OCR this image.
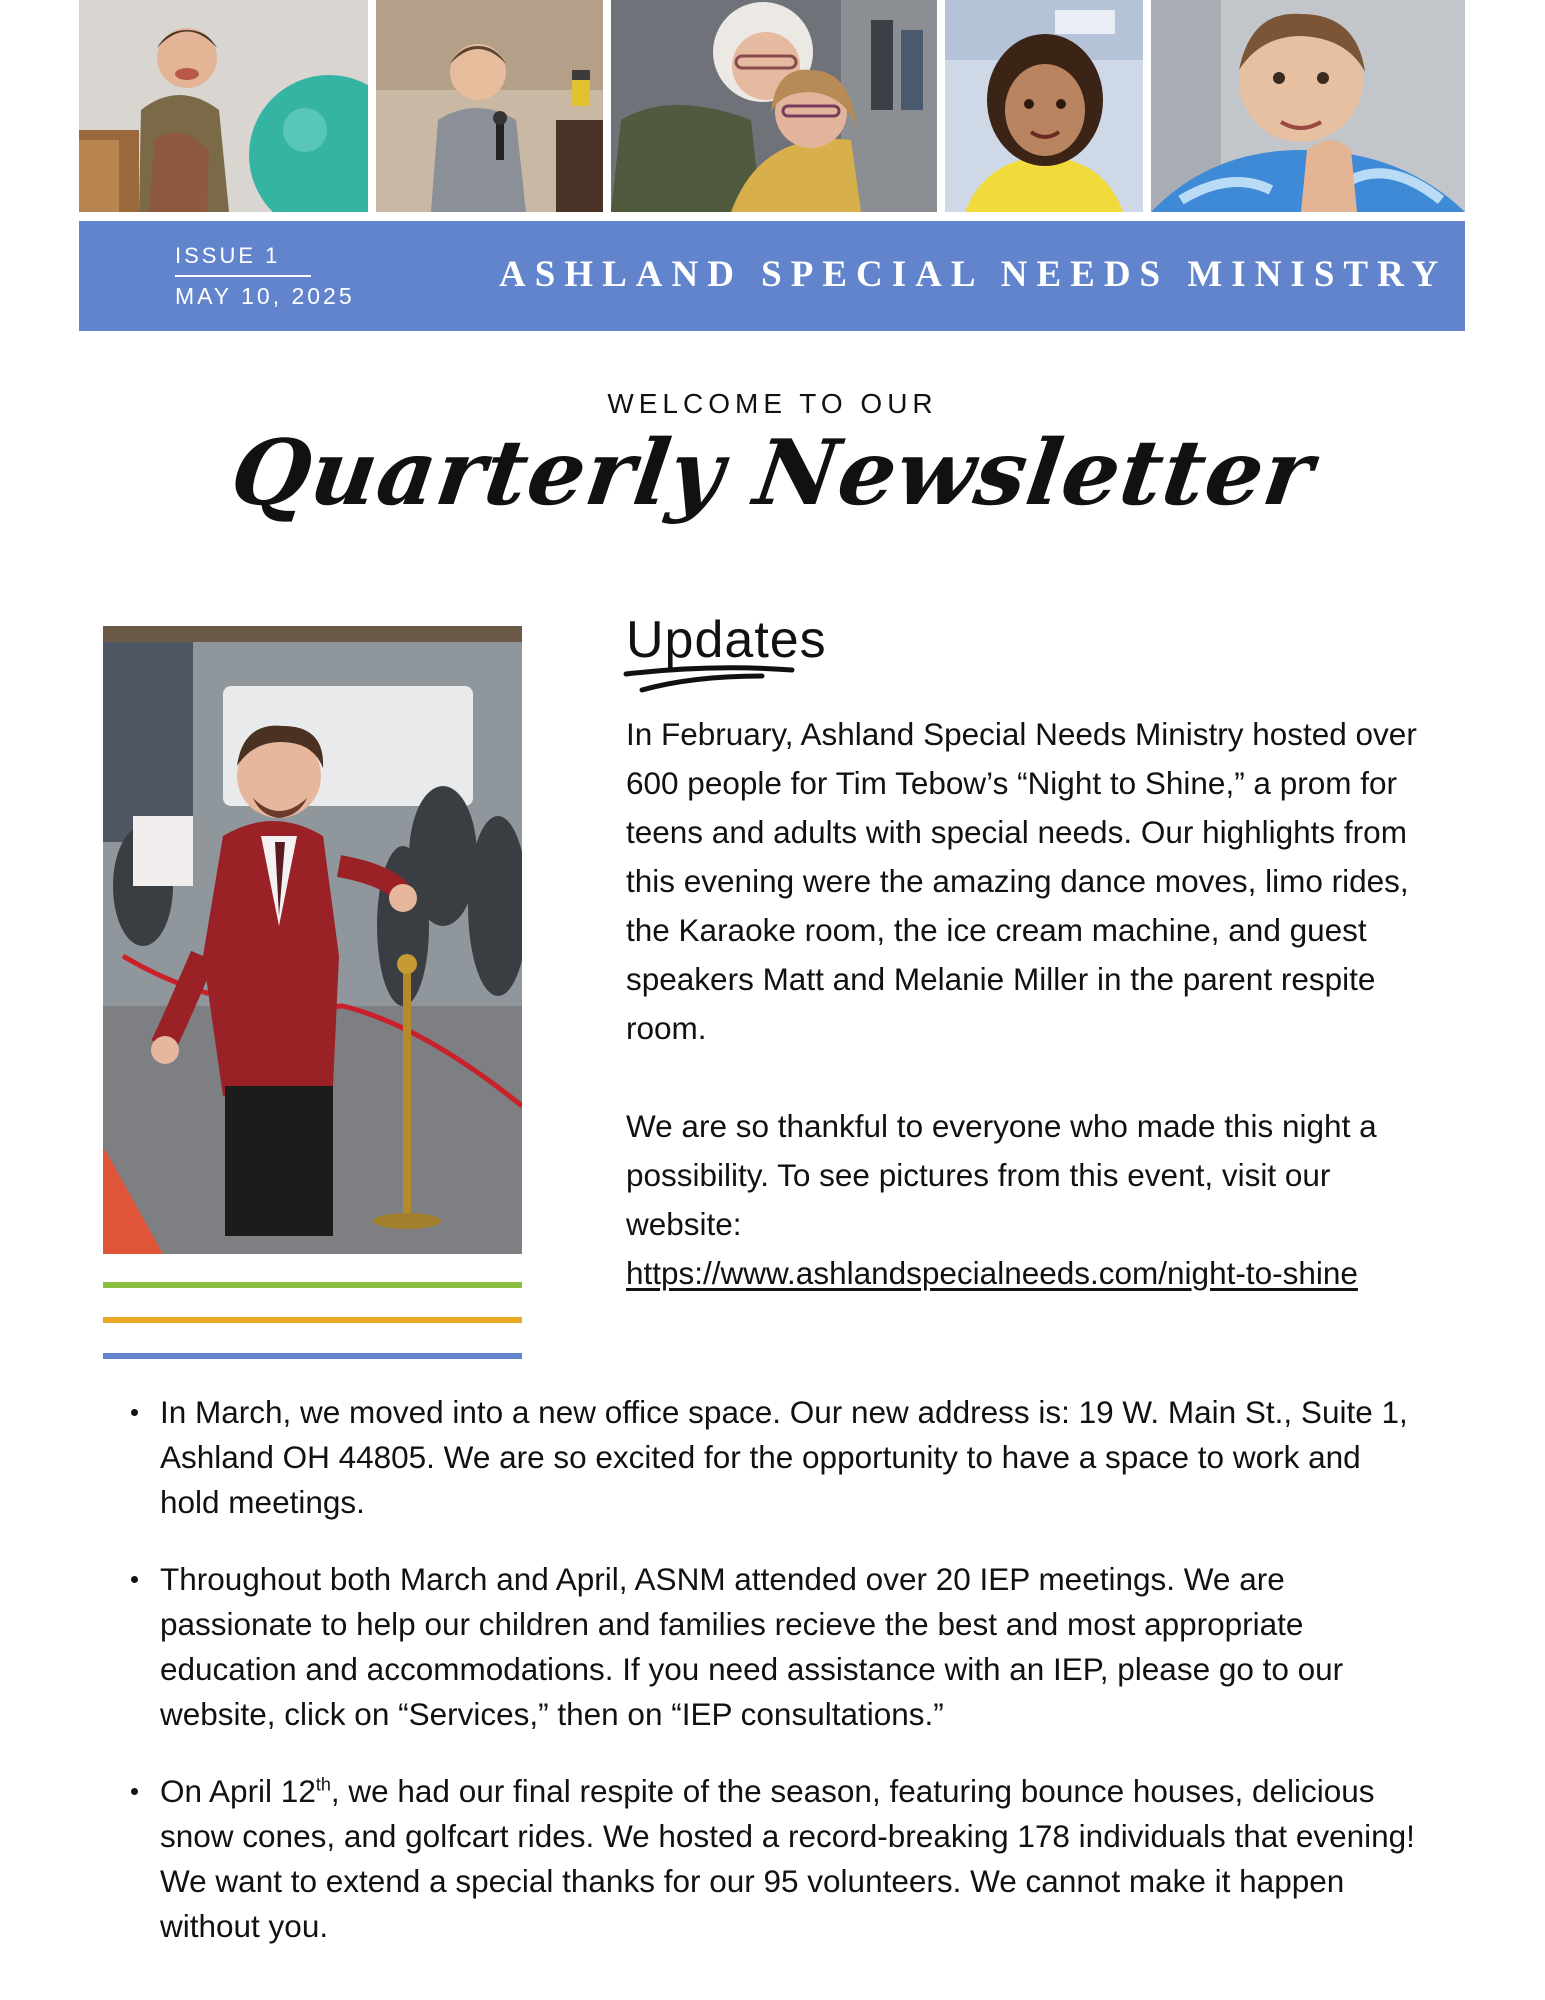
ISSUE 1
MAY 10, 2025
ASHLAND SPECIAL NEEDS MINISTRY
WELCOME TO OUR
Quarterly Newsletter
Updates

In February, Ashland Special Needs Ministry hosted over 600 people for Tim Tebow’s “Night to Shine,” a prom for teens and adults with special needs. Our highlights from this evening were the amazing dance moves, limo rides, the Karaoke room, the ice cream machine, and guest speakers Matt and Melanie Miller in the parent respite room.

We are so thankful to everyone who made this night a possibility. To see pictures from this event, visit our website:
https://www.ashlandspecialneeds.com/night-to-shine

In March, we moved into a new office space. Our new address is: 19 W. Main St., Suite 1, Ashland OH 44805. We are so excited for the opportunity to have a space to work and hold meetings.
Throughout both March and April, ASNM attended over 20 IEP meetings. We are passionate to help our children and families recieve the best and most appropriate education and accommodations. If you need assistance with an IEP, please go to our website, click on “Services,” then on “IEP consultations.”
On April 12th, we had our final respite of the season, featuring bounce houses, delicious snow cones, and golfcart rides. We hosted a record-breaking 178 individuals that evening! We want to extend a special thanks for our 95 volunteers. We cannot make it happen without you.
